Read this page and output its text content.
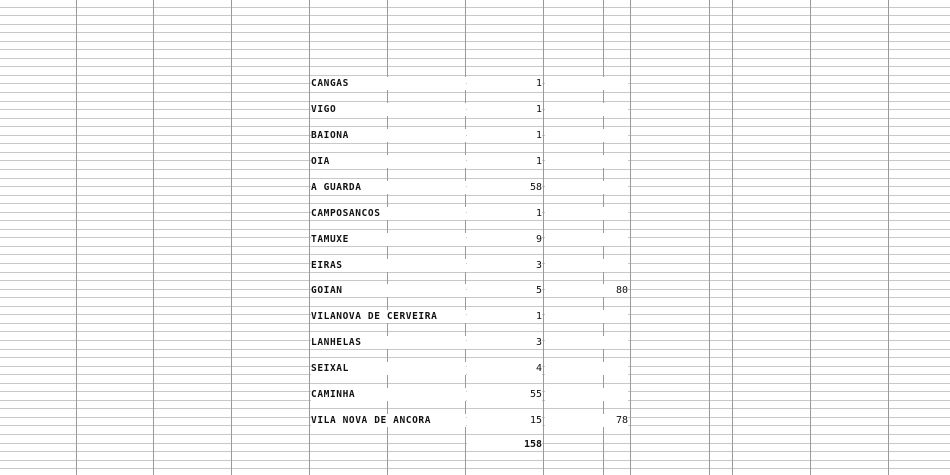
CANGAS	1
VIGO	1
BAIONA	1
OIA	1
A GUARDA	58
CAMPOSANCOS	1
TAMUXE	9
EIRAS	3
GOIAN	5	80
VILANOVA DE CERVEIRA	1
LANHELAS	3
SEIXAL	4
CAMINHA	55
VILA NOVA DE ANCORA	15	78
158
